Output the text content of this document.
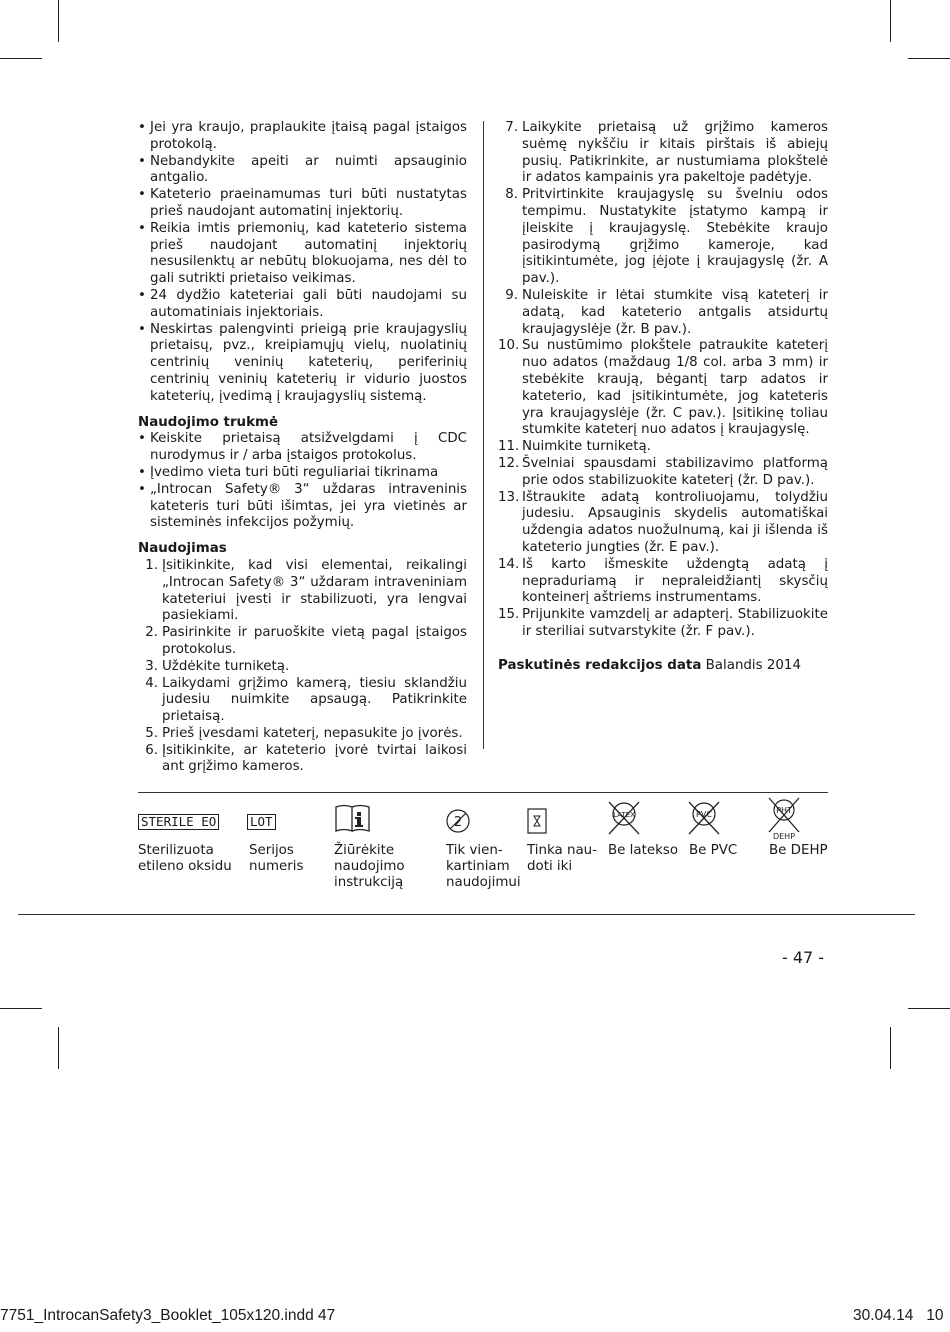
• Jei yra kraujo, praplaukite įtaisą pagal įstaigos protokolą.

• Nebandykite apeiti ar nuimti apsauginio antgalio.

• Kateterio praeinamumas turi būti nustatytas prieš naudojant automatinį injektorių.

• Reikia imtis priemonių, kad kateterio sistema prieš naudojant automatinį injektorių nesusilenktų ar nebūtų blokuojama, nes dėl to gali sutrikti prietaiso veikimas.

• 24 dydžio kateteriai gali būti naudojami su automatiniais injektoriais.

• Neskirtas palengvinti prieigą prie kraujagyslių prietaisų, pvz., kreipiamųjų vielų, nuolatinių centrinių veninių kateterių, periferinių centrinių veninių kateterių ir vidurio juostos kateterių, įvedimą į kraujagyslių sistemą.

Naudojimo trukmė

• Keiskite prietaisą atsižvelgdami į CDC nurodymus ir / arba įstaigos protokolus.

• Įvedimo vieta turi būti reguliariai tikrinama

• „Introcan Safety® 3“ uždaras intraveninis kateteris turi būti išimtas, jei yra vietinės ar sisteminės infekcijos požymių.

Naudojimas

1. Įsitikinkite, kad visi elementai, reikalingi „Introcan Safety® 3“ uždaram intraveniniam kateteriui įvesti ir stabilizuoti, yra lengvai pasiekiami.

2. Pasirinkite ir paruoškite vietą pagal įstaigos protokolus.

3. Uždėkite turniketą.

4. Laikydami grįžimo kamerą, tiesiu sklandžiu judesiu nuimkite apsaugą. Patikrinkite prietaisą.

5. Prieš įvesdami kateterį, nepasukite jo įvorės.

6. Įsitikinkite, ar kateterio įvorė tvirtai laikosi ant grįžimo kameros.

7. Laikykite prietaisą už grįžimo kameros suėmę nykščiu ir kitais pirštais iš abiejų pusių. Patikrinkite, ar nustumiama plokštelė ir adatos kampainis yra pakeltoje padėtyje.

8. Pritvirtinkite kraujagyslę su švelniu odos tempimu. Nustatykite įstatymo kampą ir įleiskite į kraujagyslę. Stebėkite kraujo pasirodymą grįžimo kameroje, kad įsitikintumėte, jog įėjote į kraujagyslę (žr. A pav.).

9. Nuleiskite ir lėtai stumkite visą kateterį ir adatą, kad kateterio antgalis atsidurtų kraujagyslėje (žr. B pav.).

10. Su nustūmimo plokštele patraukite kateterį nuo adatos (maždaug 1/8 col. arba 3 mm) ir stebėkite kraują, bėgantį tarp adatos ir kateterio, kad įsitikintumėte, jog kateteris yra kraujagyslėje (žr. C pav.). Įsitikinę toliau stumkite kateterį nuo adatos į kraujagyslę.

11. Nuimkite turniketą.

12. Švelniai spausdami stabilizavimo platformą prie odos stabilizuokite kateterį (žr. D pav.).

13. Ištraukite adatą kontroliuojamu, tolydžiu judesiu. Apsauginis skydelis automatiškai uždengia adatos nuožulnumą, kai ji išlenda iš kateterio jungties (žr. E pav.).

14. Iš karto išmeskite uždengtą adatą į nepraduriamą ir nepraleidžiantį skysčių konteinerį aštriems instrumentams.

15. Prijunkite vamzdelį ar adapterį. Stabilizuokite ir steriliai sutvarstykite (žr. F pav.).

Paskutinės redakcijos data Balandis 2014

STERILE EO	LOT	2	LATEX	PVC	PHT
DEHP
Sterilizuota
etileno oksidu
Serijos
numeris
Žiūrėkite
naudojimo
instrukciją
Tik vien-
kartiniam
naudojimui
Tinka nau-
doti iki
Be latekso Be PVC Be DEHP
- 47 -
7751_IntrocanSafety3_Booklet_105x120.indd 47	30.04.14   10
